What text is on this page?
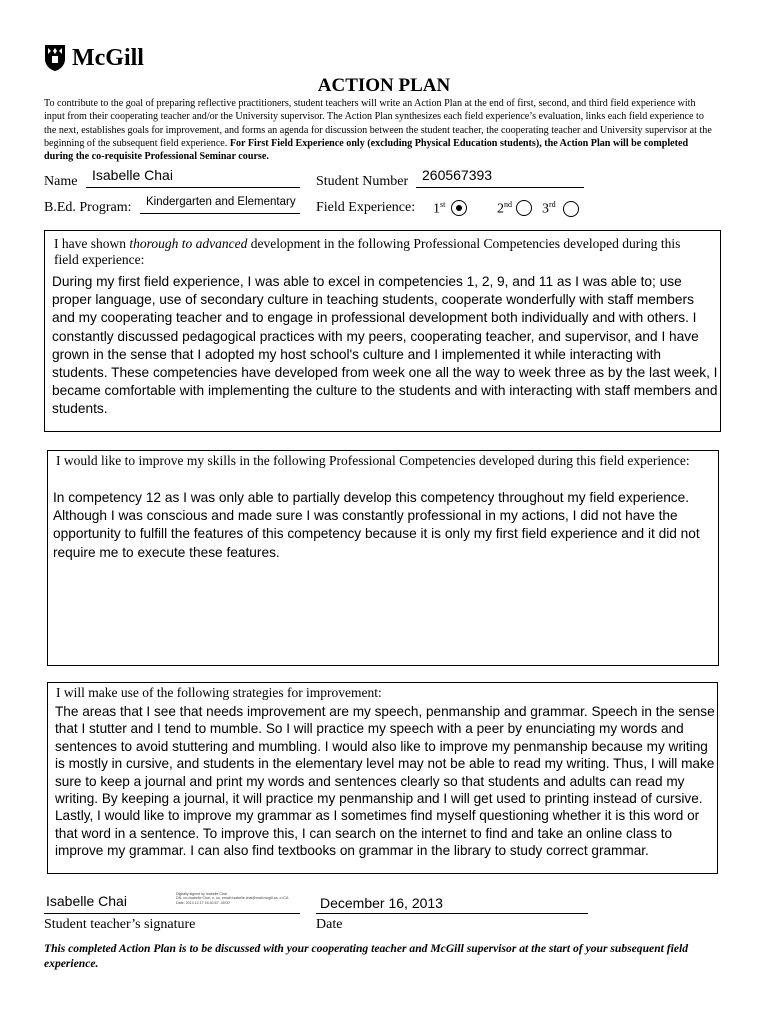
McGill
ACTION PLAN
To contribute to the goal of preparing reflective practitioners, student teachers will write an Action Plan at the end of first, second, and third field experience with input from their cooperating teacher and/or the University supervisor. The Action Plan synthesizes each field experience’s evaluation, links each field experience to the next, establishes goals for improvement, and forms an agenda for discussion between the student teacher, the cooperating teacher and University supervisor at the beginning of the subsequent field experience. For First Field Experience only (excluding Physical Education students), the Action Plan will be completed during the co-requisite Professional Seminar course.
Name Isabelle Chai	Student Number 260567393
B.Ed. Program: Kindergarten and Elementary Field Experience: 1st	2nd 3rd
I have shown thorough to advanced development in the following Professional Competencies developed during this field experience:
During my first field experience, I was able to excel in competencies 1, 2, 9, and 11 as I was able to; use proper language, use of secondary culture in teaching students, cooperate wonderfully with staff members and my cooperating teacher and to engage in professional development both individually and with others. I constantly discussed pedagogical practices with my peers, cooperating teacher, and supervisor, and I have grown in the sense that I adopted my host school's culture and I implemented it while interacting with students. These competencies have developed from week one all the way to week three as by the last week, I became comfortable with implementing the culture to the students and with interacting with staff members and students.
I would like to improve my skills in the following Professional Competencies developed during this field experience:
In competency 12 as I was only able to partially develop this competency throughout my field experience. Although I was conscious and made sure I was constantly professional in my actions, I did not have the opportunity to fulfill the features of this competency because it is only my first field experience and it did not require me to execute these features.
I will make use of the following strategies for improvement:
The areas that I see that needs improvement are my speech, penmanship and grammar. Speech in the sense that I stutter and I tend to mumble. So I will practice my speech with a peer by enunciating my words and sentences to avoid stuttering and mumbling. I would also like to improve my penmanship because my writing is mostly in cursive, and students in the elementary level may not be able to read my writing. Thus, I will make sure to keep a journal and print my words and sentences clearly so that students and adults can read my writing. By keeping a journal, it will practice my penmanship and I will get used to printing instead of cursive. Lastly, I would like to improve my grammar as I sometimes find myself questioning whether it is this word or that word in a sentence. To improve this, I can search on the internet to find and take an online class to improve my grammar. I can also find textbooks on grammar in the library to study correct grammar.
Isabelle Chai	Digitally signed by Isabelle Chai
DN: cn=Isabelle Chai, o, ou, email=isabelle.chai@mail.mcgill.ca, c=CA
Date: 2013.12.17 16:40:57 -05'00'
Student teacher’s signature
December 16, 2013
Date
This completed Action Plan is to be discussed with your cooperating teacher and McGill supervisor at the start of your subsequent field experience.
